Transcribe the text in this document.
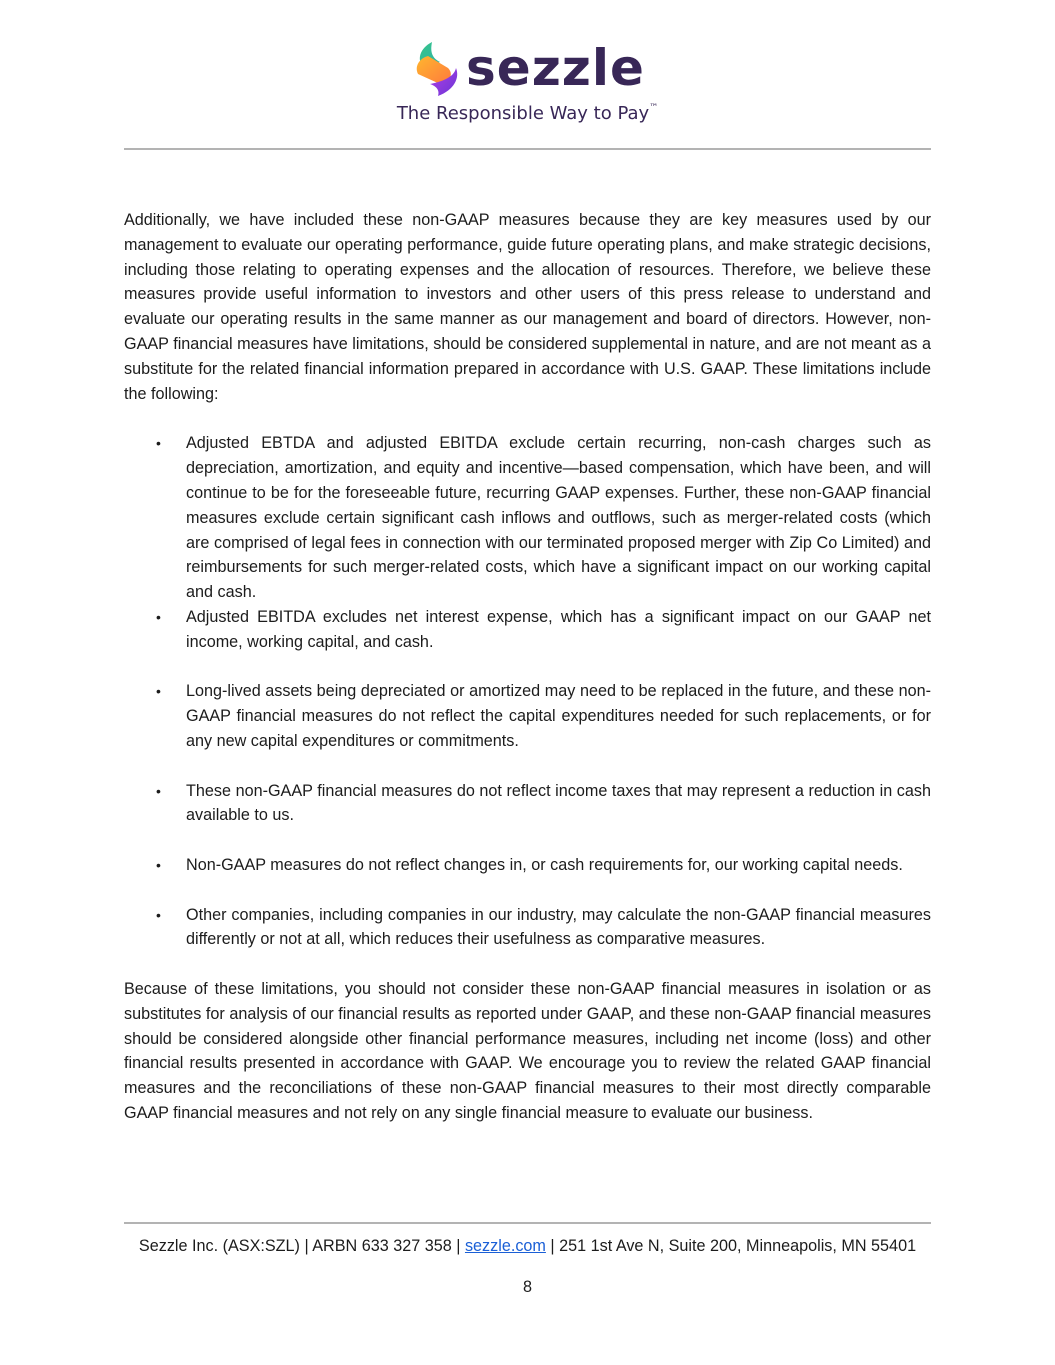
sezzle
The Responsible Way to Pay™

Additionally, we have included these non-GAAP measures because they are key measures used by our management to evaluate our operating performance, guide future operating plans, and make strategic decisions, including those relating to operating expenses and the allocation of resources. Therefore, we believe these measures provide useful information to investors and other users of this press release to understand and evaluate our operating results in the same manner as our management and board of directors. However, non-GAAP financial measures have limitations, should be considered supplemental in nature, and are not meant as a substitute for the related financial information prepared in accordance with U.S. GAAP. These limitations include the following:

• Adjusted EBTDA and adjusted EBITDA exclude certain recurring, non-cash charges such as depreciation, amortization, and equity and incentive—based compensation, which have been, and will continue to be for the foreseeable future, recurring GAAP expenses. Further, these non-GAAP financial measures exclude certain significant cash inflows and outflows, such as merger-related costs (which are comprised of legal fees in connection with our terminated proposed merger with Zip Co Limited) and reimbursements for such merger-related costs, which have a significant impact on our working capital and cash.
• Adjusted EBITDA excludes net interest expense, which has a significant impact on our GAAP net income, working capital, and cash.
• Long-lived assets being depreciated or amortized may need to be replaced in the future, and these non-GAAP financial measures do not reflect the capital expenditures needed for such replacements, or for any new capital expenditures or commitments.
• These non-GAAP financial measures do not reflect income taxes that may represent a reduction in cash available to us.
• Non-GAAP measures do not reflect changes in, or cash requirements for, our working capital needs.
• Other companies, including companies in our industry, may calculate the non-GAAP financial measures differently or not at all, which reduces their usefulness as comparative measures.

Because of these limitations, you should not consider these non-GAAP financial measures in isolation or as substitutes for analysis of our financial results as reported under GAAP, and these non-GAAP financial measures should be considered alongside other financial performance measures, including net income (loss) and other financial results presented in accordance with GAAP. We encourage you to review the related GAAP financial measures and the reconciliations of these non-GAAP financial measures to their most directly comparable GAAP financial measures and not rely on any single financial measure to evaluate our business.

Sezzle Inc. (ASX:SZL) | ARBN 633 327 358 | sezzle.com | 251 1st Ave N, Suite 200, Minneapolis, MN 55401
8
